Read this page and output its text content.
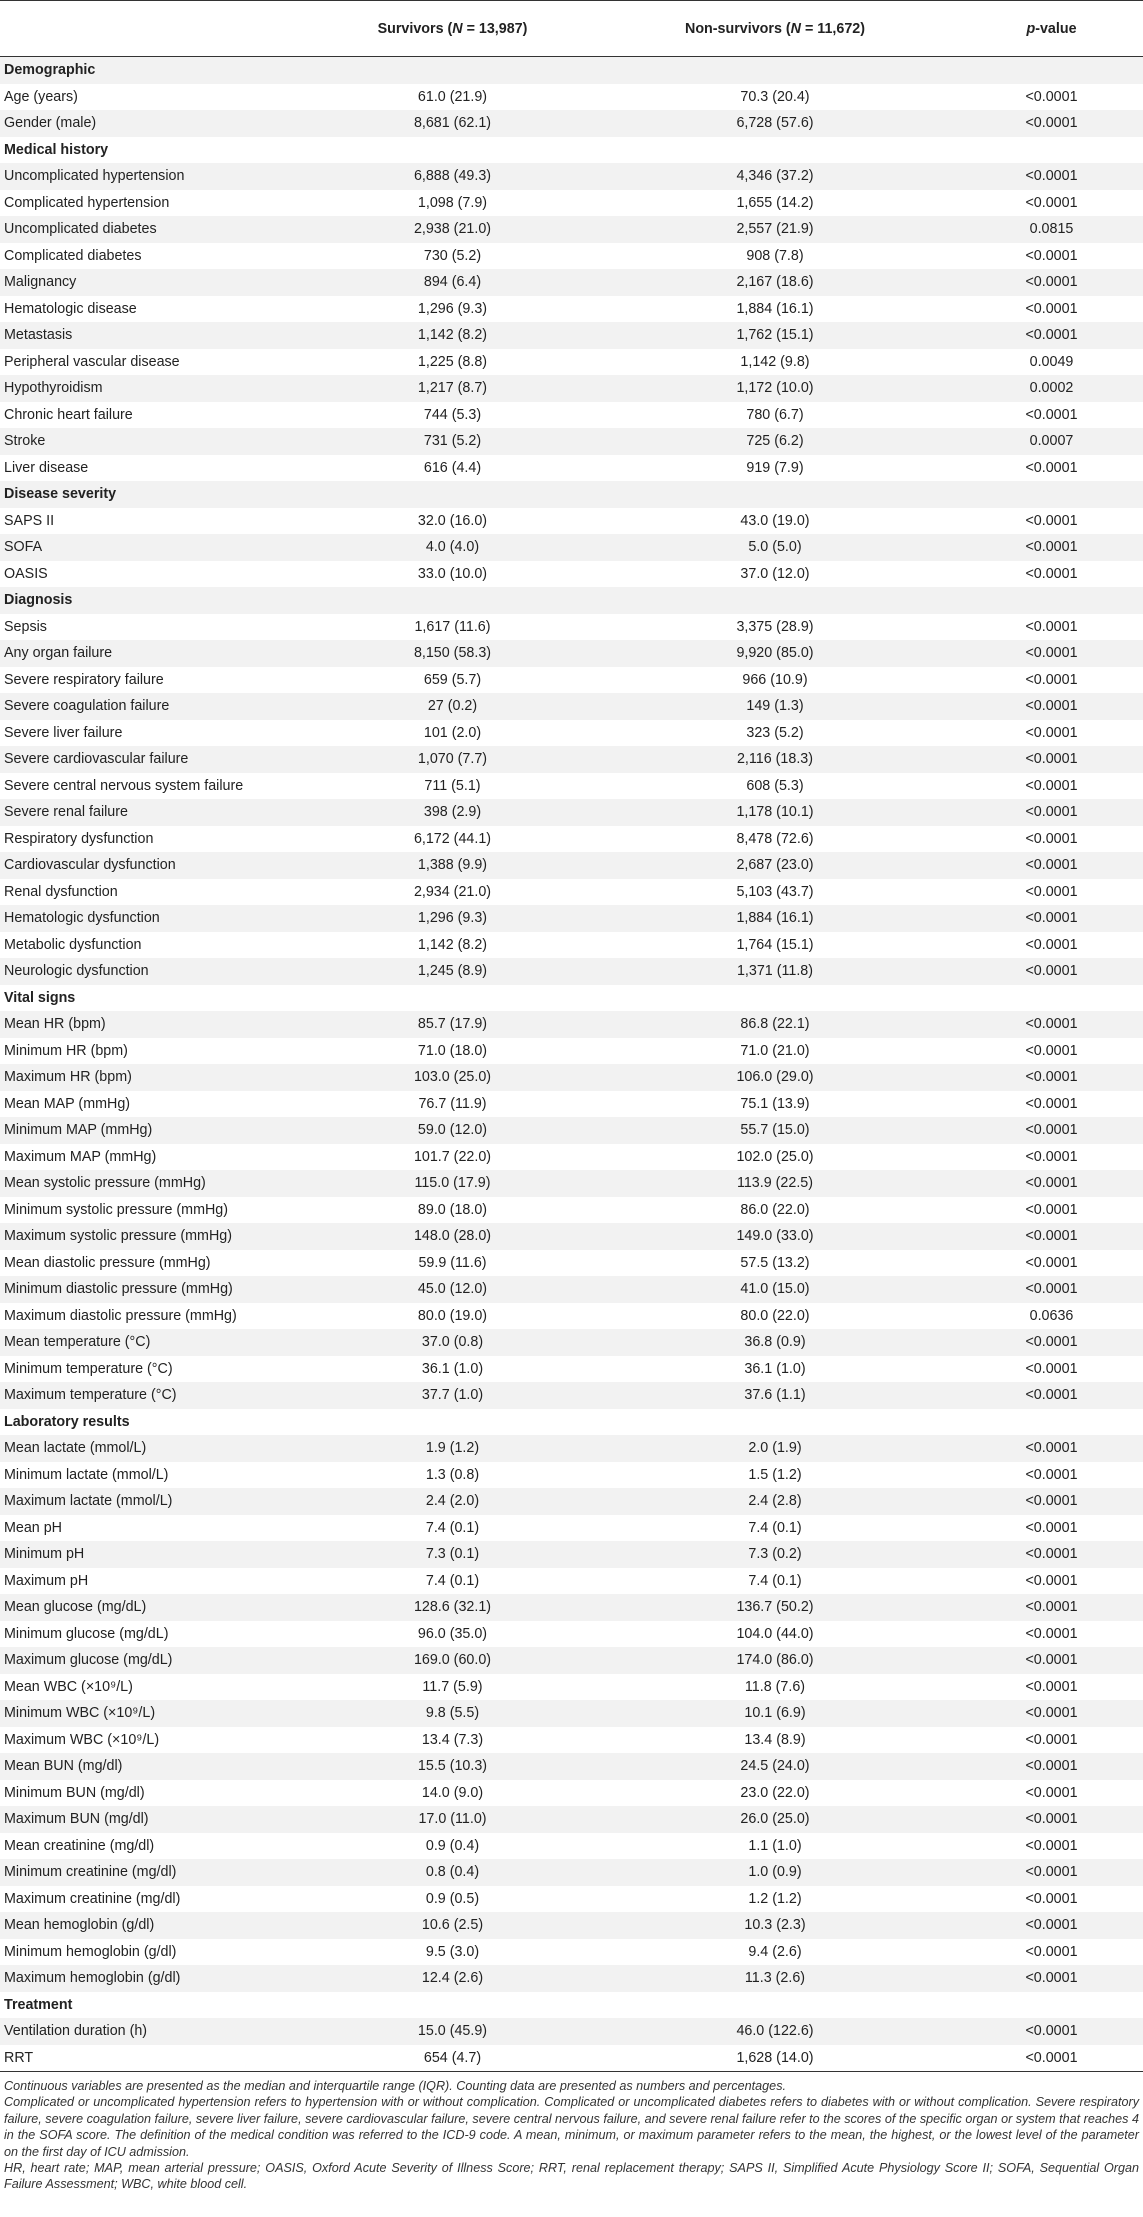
	Survivors (N = 13,987)	Non-survivors (N = 11,672)	p-value
Demographic			
Age (years)	61.0 (21.9)	70.3 (20.4)	<0.0001
Gender (male)	8,681 (62.1)	6,728 (57.6)	<0.0001
Medical history			
Uncomplicated hypertension	6,888 (49.3)	4,346 (37.2)	<0.0001
Complicated hypertension	1,098 (7.9)	1,655 (14.2)	<0.0001
Uncomplicated diabetes	2,938 (21.0)	2,557 (21.9)	0.0815
Complicated diabetes	730 (5.2)	908 (7.8)	<0.0001
Malignancy	894 (6.4)	2,167 (18.6)	<0.0001
Hematologic disease	1,296 (9.3)	1,884 (16.1)	<0.0001
Metastasis	1,142 (8.2)	1,762 (15.1)	<0.0001
Peripheral vascular disease	1,225 (8.8)	1,142 (9.8)	0.0049
Hypothyroidism	1,217 (8.7)	1,172 (10.0)	0.0002
Chronic heart failure	744 (5.3)	780 (6.7)	<0.0001
Stroke	731 (5.2)	725 (6.2)	0.0007
Liver disease	616 (4.4)	919 (7.9)	<0.0001
Disease severity			
SAPS II	32.0 (16.0)	43.0 (19.0)	<0.0001
SOFA	4.0 (4.0)	5.0 (5.0)	<0.0001
OASIS	33.0 (10.0)	37.0 (12.0)	<0.0001
Diagnosis			
Sepsis	1,617 (11.6)	3,375 (28.9)	<0.0001
Any organ failure	8,150 (58.3)	9,920 (85.0)	<0.0001
Severe respiratory failure	659 (5.7)	966 (10.9)	<0.0001
Severe coagulation failure	27 (0.2)	149 (1.3)	<0.0001
Severe liver failure	101 (2.0)	323 (5.2)	<0.0001
Severe cardiovascular failure	1,070 (7.7)	2,116 (18.3)	<0.0001
Severe central nervous system failure	711 (5.1)	608 (5.3)	<0.0001
Severe renal failure	398 (2.9)	1,178 (10.1)	<0.0001
Respiratory dysfunction	6,172 (44.1)	8,478 (72.6)	<0.0001
Cardiovascular dysfunction	1,388 (9.9)	2,687 (23.0)	<0.0001
Renal dysfunction	2,934 (21.0)	5,103 (43.7)	<0.0001
Hematologic dysfunction	1,296 (9.3)	1,884 (16.1)	<0.0001
Metabolic dysfunction	1,142 (8.2)	1,764 (15.1)	<0.0001
Neurologic dysfunction	1,245 (8.9)	1,371 (11.8)	<0.0001
Vital signs			
Mean HR (bpm)	85.7 (17.9)	86.8 (22.1)	<0.0001
Minimum HR (bpm)	71.0 (18.0)	71.0 (21.0)	<0.0001
Maximum HR (bpm)	103.0 (25.0)	106.0 (29.0)	<0.0001
Mean MAP (mmHg)	76.7 (11.9)	75.1 (13.9)	<0.0001
Minimum MAP (mmHg)	59.0 (12.0)	55.7 (15.0)	<0.0001
Maximum MAP (mmHg)	101.7 (22.0)	102.0 (25.0)	<0.0001
Mean systolic pressure (mmHg)	115.0 (17.9)	113.9 (22.5)	<0.0001
Minimum systolic pressure (mmHg)	89.0 (18.0)	86.0 (22.0)	<0.0001
Maximum systolic pressure (mmHg)	148.0 (28.0)	149.0 (33.0)	<0.0001
Mean diastolic pressure (mmHg)	59.9 (11.6)	57.5 (13.2)	<0.0001
Minimum diastolic pressure (mmHg)	45.0 (12.0)	41.0 (15.0)	<0.0001
Maximum diastolic pressure (mmHg)	80.0 (19.0)	80.0 (22.0)	0.0636
Mean temperature (°C)	37.0 (0.8)	36.8 (0.9)	<0.0001
Minimum temperature (°C)	36.1 (1.0)	36.1 (1.0)	<0.0001
Maximum temperature (°C)	37.7 (1.0)	37.6 (1.1)	<0.0001
Laboratory results			
Mean lactate (mmol/L)	1.9 (1.2)	2.0 (1.9)	<0.0001
Minimum lactate (mmol/L)	1.3 (0.8)	1.5 (1.2)	<0.0001
Maximum lactate (mmol/L)	2.4 (2.0)	2.4 (2.8)	<0.0001
Mean pH	7.4 (0.1)	7.4 (0.1)	<0.0001
Minimum pH	7.3 (0.1)	7.3 (0.2)	<0.0001
Maximum pH	7.4 (0.1)	7.4 (0.1)	<0.0001
Mean glucose (mg/dL)	128.6 (32.1)	136.7 (50.2)	<0.0001
Minimum glucose (mg/dL)	96.0 (35.0)	104.0 (44.0)	<0.0001
Maximum glucose (mg/dL)	169.0 (60.0)	174.0 (86.0)	<0.0001
Mean WBC (×10⁹/L)	11.7 (5.9)	11.8 (7.6)	<0.0001
Minimum WBC (×10⁹/L)	9.8 (5.5)	10.1 (6.9)	<0.0001
Maximum WBC (×10⁹/L)	13.4 (7.3)	13.4 (8.9)	<0.0001
Mean BUN (mg/dl)	15.5 (10.3)	24.5 (24.0)	<0.0001
Minimum BUN (mg/dl)	14.0 (9.0)	23.0 (22.0)	<0.0001
Maximum BUN (mg/dl)	17.0 (11.0)	26.0 (25.0)	<0.0001
Mean creatinine (mg/dl)	0.9 (0.4)	1.1 (1.0)	<0.0001
Minimum creatinine (mg/dl)	0.8 (0.4)	1.0 (0.9)	<0.0001
Maximum creatinine (mg/dl)	0.9 (0.5)	1.2 (1.2)	<0.0001
Mean hemoglobin (g/dl)	10.6 (2.5)	10.3 (2.3)	<0.0001
Minimum hemoglobin (g/dl)	9.5 (3.0)	9.4 (2.6)	<0.0001
Maximum hemoglobin (g/dl)	12.4 (2.6)	11.3 (2.6)	<0.0001
Treatment			
Ventilation duration (h)	15.0 (45.9)	46.0 (122.6)	<0.0001
RRT	654 (4.7)	1,628 (14.0)	<0.0001

Continuous variables are presented as the median and interquartile range (IQR). Counting data are presented as numbers and percentages.

Complicated or uncomplicated hypertension refers to hypertension with or without complication. Complicated or uncomplicated diabetes refers to diabetes with or without complication. Severe respiratory failure, severe coagulation failure, severe liver failure, severe cardiovascular failure, severe central nervous failure, and severe renal failure refer to the scores of the specific organ or system that reaches 4 in the SOFA score. The definition of the medical condition was referred to the ICD-9 code. A mean, minimum, or maximum parameter refers to the mean, the highest, or the lowest level of the parameter on the first day of ICU admission.

HR, heart rate; MAP, mean arterial pressure; OASIS, Oxford Acute Severity of Illness Score; RRT, renal replacement therapy; SAPS II, Simplified Acute Physiology Score II; SOFA, Sequential Organ Failure Assessment; WBC, white blood cell.
